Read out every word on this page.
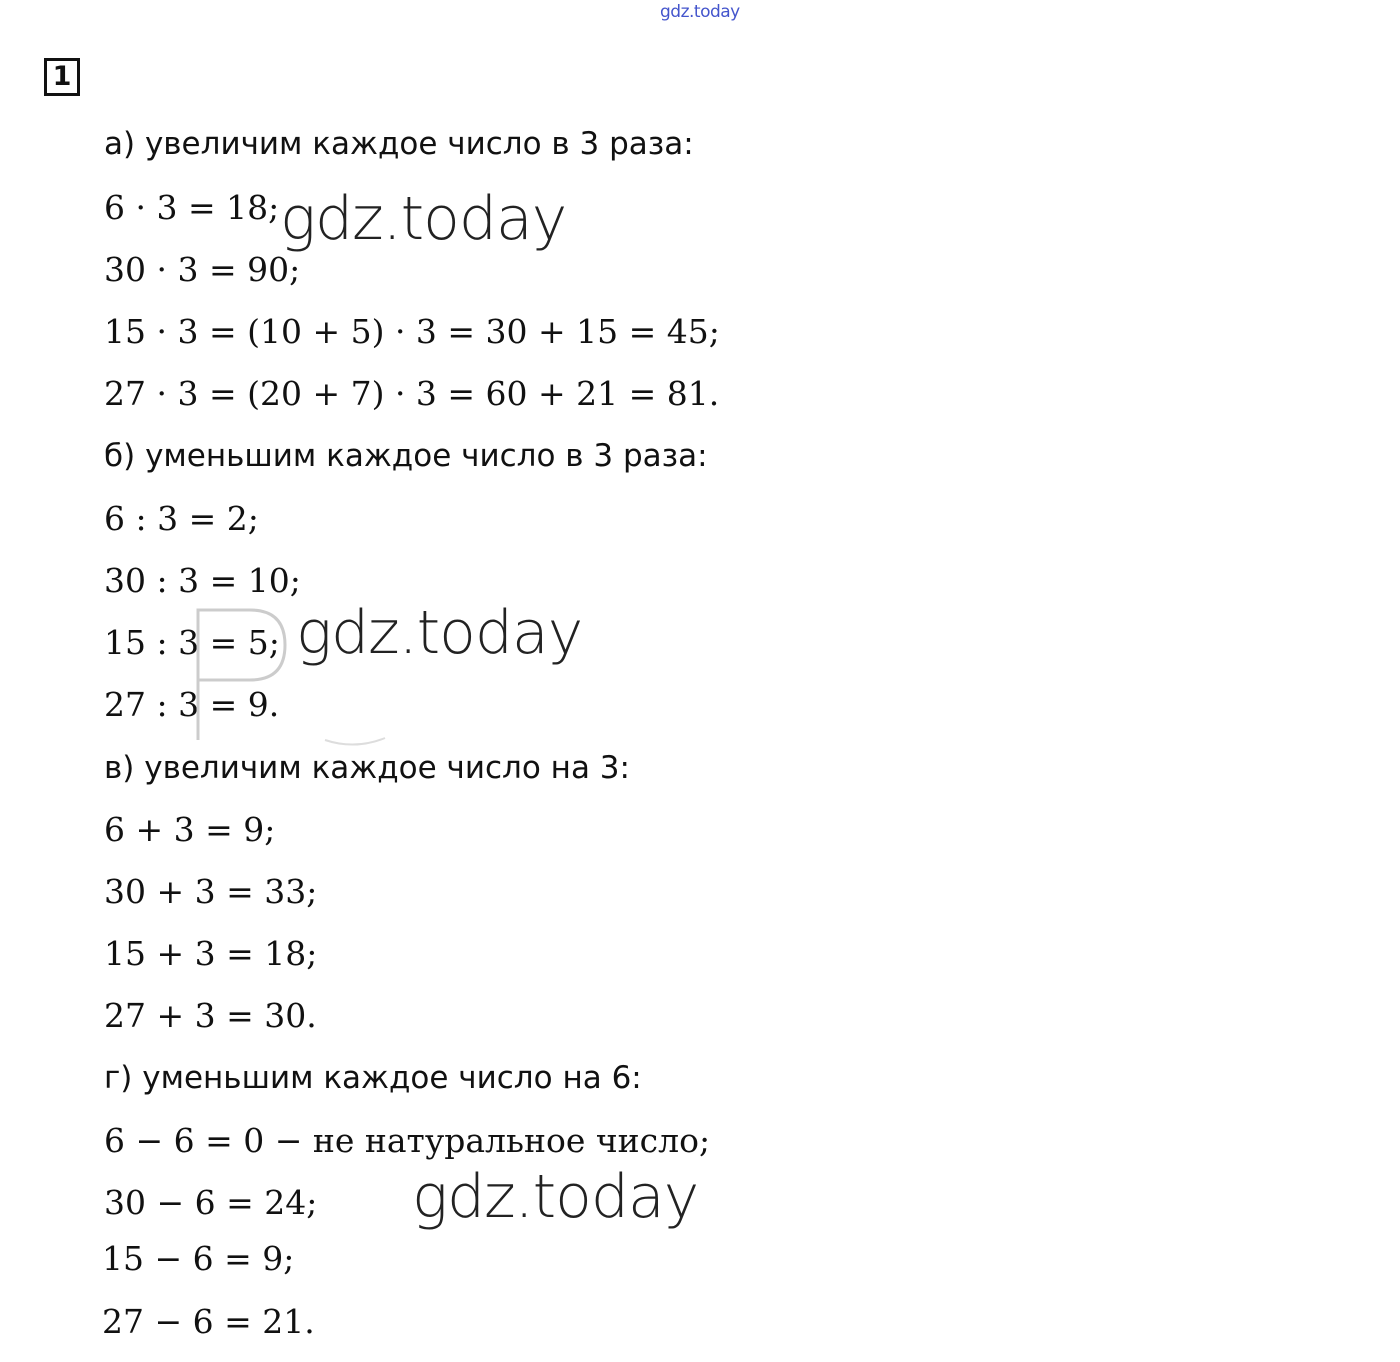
gdz.today
1
а) увеличим каждое число в 3 раза:
6 · 3 = 18;
30 · 3 = 90;
15 · 3 = (10 + 5) · 3 = 30 + 15 = 45;
27 · 3 = (20 + 7) · 3 = 60 + 21 = 81.
б) уменьшим каждое число в 3 раза:
6 : 3 = 2;
30 : 3 = 10;
15 : 3 = 5;
27 : 3 = 9.
в) увеличим каждое число на 3:
6 + 3 = 9;
30 + 3 = 33;
15 + 3 = 18;
27 + 3 = 30.
г) уменьшим каждое число на 6:
6 − 6 = 0 − не натуральное число;
30 − 6 = 24;
15 − 6 = 9;
27 − 6 = 21.
gdz.today
gdz.today
gdz.today
